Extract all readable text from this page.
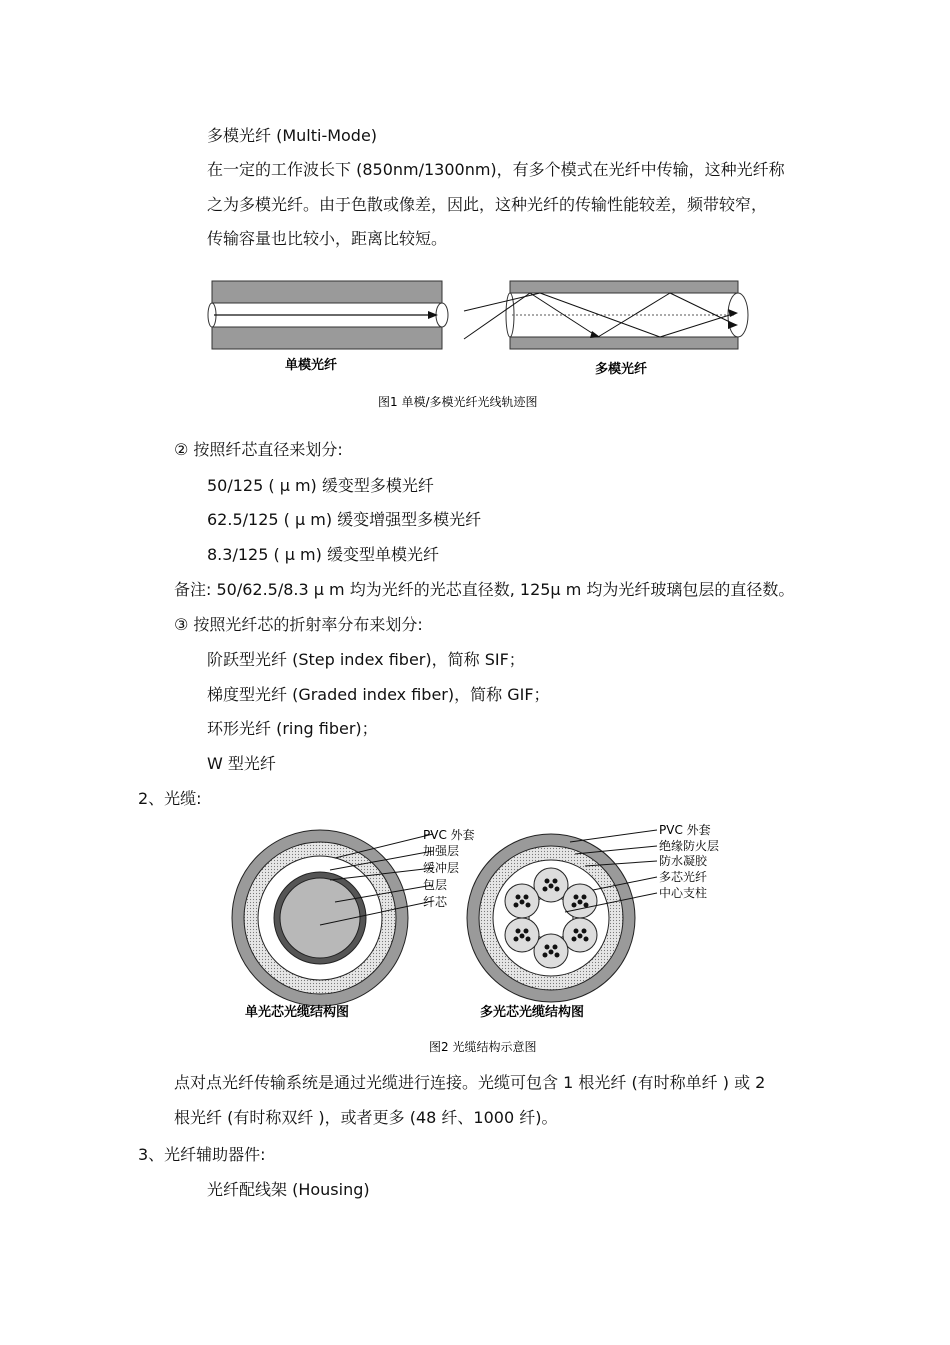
多模光纤 (Multi-Mode)
在一定的工作波长下 (850nm/1300nm)，有多个模式在光纤中传输，这种光纤称
之为多模光纤。由于色散或像差，因此，这种光纤的传输性能较差，频带较窄，
传输容量也比较小，距离比较短。
单模光纤	多模光纤
图1 单模/多模光纤光线轨迹图
② 按照纤芯直径来划分:
50/125 ( μ m) 缓变型多模光纤
62.5/125 ( μ m) 缓变增强型多模光纤
8.3/125 ( μ m) 缓变型单模光纤
备注: 50/62.5/8.3 μ m 均为光纤的光芯直径数, 125μ m 均为光纤玻璃包层的直径数。
③ 按照光纤芯的折射率分布来划分:
阶跃型光纤 (Step index fiber)，简称 SIF；
梯度型光纤 (Graded index fiber)，简称 GIF；
环形光纤 (ring fiber)；
W 型光纤
2、光缆:
PVC 外套
加强层
缓冲层
包层
纤芯
PVC 外套
绝缘防火层
防水凝胶
多芯光纤
中心支柱
单光芯光缆结构图	多光芯光缆结构图
图2 光缆结构示意图
点对点光纤传输系统是通过光缆进行连接。光缆可包含 1 根光纤 (有时称单纤 ) 或 2
根光纤 (有时称双纤 )，或者更多 (48 纤、1000 纤)。
3、光纤辅助器件:
光纤配线架 (Housing)
